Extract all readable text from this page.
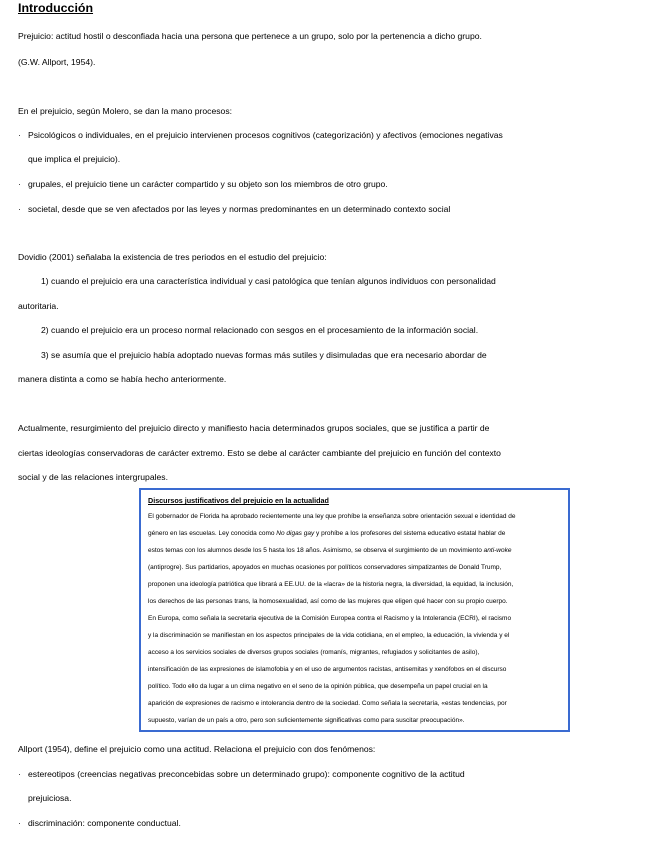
Introducción
Prejuicio: actitud hostil o desconfiada hacia una persona que pertenece a un grupo, solo por la pertenencia a dicho grupo.
(G.W. Allport, 1954).
En el prejuicio, según Molero, se dan la mano procesos:
· Psicológicos o individuales, en el prejuicio intervienen procesos cognitivos (categorización) y afectivos (emociones negativas
que implica el prejuicio).
· grupales, el prejuicio tiene un carácter compartido y su objeto son los miembros de otro grupo.
· societal, desde que se ven afectados por las leyes y normas predominantes en un determinado contexto social
Dovidio (2001) señalaba la existencia de tres periodos en el estudio del prejuicio:
1) cuando el prejuicio era una característica individual y casi patológica que tenían algunos individuos con personalidad
autoritaria.
2) cuando el prejuicio era un proceso normal relacionado con sesgos en el procesamiento de la información social.
3) se asumía que el prejuicio había adoptado nuevas formas más sutiles y disimuladas que era necesario abordar de
manera distinta a como se había hecho anteriormente.
Actualmente, resurgimiento del prejuicio directo y manifiesto hacia determinados grupos sociales, que se justifica a partir de
ciertas ideologías conservadoras de carácter extremo. Esto se debe al carácter cambiante del prejuicio en función del contexto
social y de las relaciones intergrupales.
Discursos justificativos del prejuicio en la actualidad
El gobernador de Florida ha aprobado recientemente una ley que prohíbe la enseñanza sobre orientación sexual e identidad de
género en las escuelas. Ley conocida como No digas gay y prohíbe a los profesores del sistema educativo estatal hablar de
estos temas con los alumnos desde los 5 hasta los 18 años. Asimismo, se observa el surgimiento de un movimiento anti-woke
(antiprogre). Sus partidarios, apoyados en muchas ocasiones por políticos conservadores simpatizantes de Donald Trump,
proponen una ideología patriótica que librará a EE.UU. de la «lacra» de la historia negra, la diversidad, la equidad, la inclusión,
los derechos de las personas trans, la homosexualidad, así como de las mujeres que eligen qué hacer con su propio cuerpo.
En Europa, como señala la secretaria ejecutiva de la Comisión Europea contra el Racismo y la Intolerancia (ECRI), el racismo
y la discriminación se manifiestan en los aspectos principales de la vida cotidiana, en el empleo, la educación, la vivienda y el
acceso a los servicios sociales de diversos grupos sociales (romanís, migrantes, refugiados y solicitantes de asilo),
intensificación de las expresiones de islamofobia y en el uso de argumentos racistas, antisemitas y xenófobos en el discurso
político. Todo ello da lugar a un clima negativo en el seno de la opinión pública, que desempeña un papel crucial en la
aparición de expresiones de racismo e intolerancia dentro de la sociedad. Como señala la secretaría, «estas tendencias, por
supuesto, varían de un país a otro, pero son suficientemente significativas como para suscitar preocupación».
Allport (1954), define el prejuicio como una actitud. Relaciona el prejuicio con dos fenómenos:
· estereotipos (creencias negativas preconcebidas sobre un determinado grupo): componente cognitivo de la actitud
prejuiciosa.
· discriminación: componente conductual.
